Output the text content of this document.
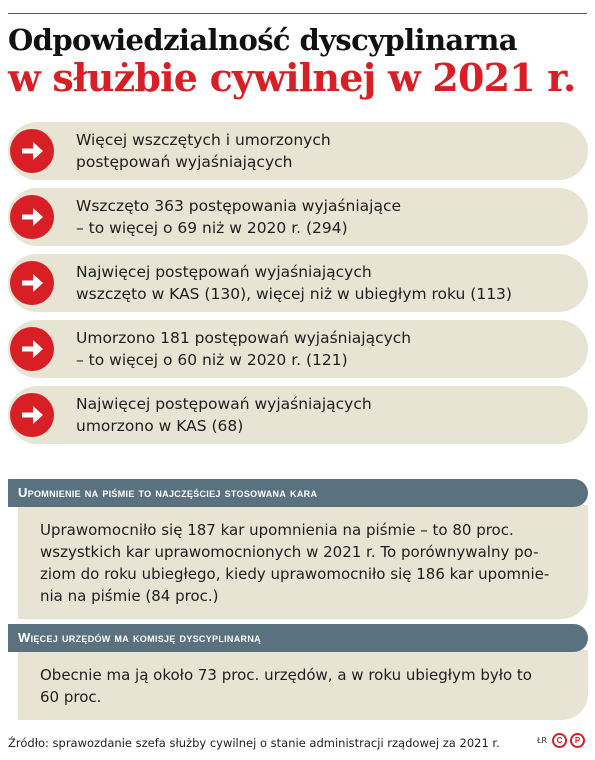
Odpowiedzialność dyscyplinarna
w służbie cywilnej w 2021 r.
Więcej wszczętych i umorzonych
postępowań wyjaśniających
Wszczęto 363 postępowania wyjaśniające
– to więcej o 69 niż w 2020 r. (294)
Najwięcej postępowań wyjaśniających
wszczęto w KAS (130), więcej niż w ubiegłym roku (113)
Umorzono 181 postępowań wyjaśniających
– to więcej o 60 niż w 2020 r. (121)
Najwięcej postępowań wyjaśniających
umorzono w KAS (68)
Upomnienie na piśmie to najczęściej stosowana kara
Uprawomocniło się 187 kar upomnienia na piśmie – to 80 proc.
wszystkich kar uprawomocnionych w 2021 r. To porównywalny po-
ziom do roku ubiegłego, kiedy uprawomocniło się 186 kar upomnie-
nia na piśmie (84 proc.)
Więcej urzędów ma komisję dyscyplinarną
Obecnie ma ją około 73 proc. urzędów, a w roku ubiegłym było to
60 proc.
Źródło: sprawozdanie szefa służby cywilnej o stanie administracji rządowej za 2021 r.	ŁR	C	P
